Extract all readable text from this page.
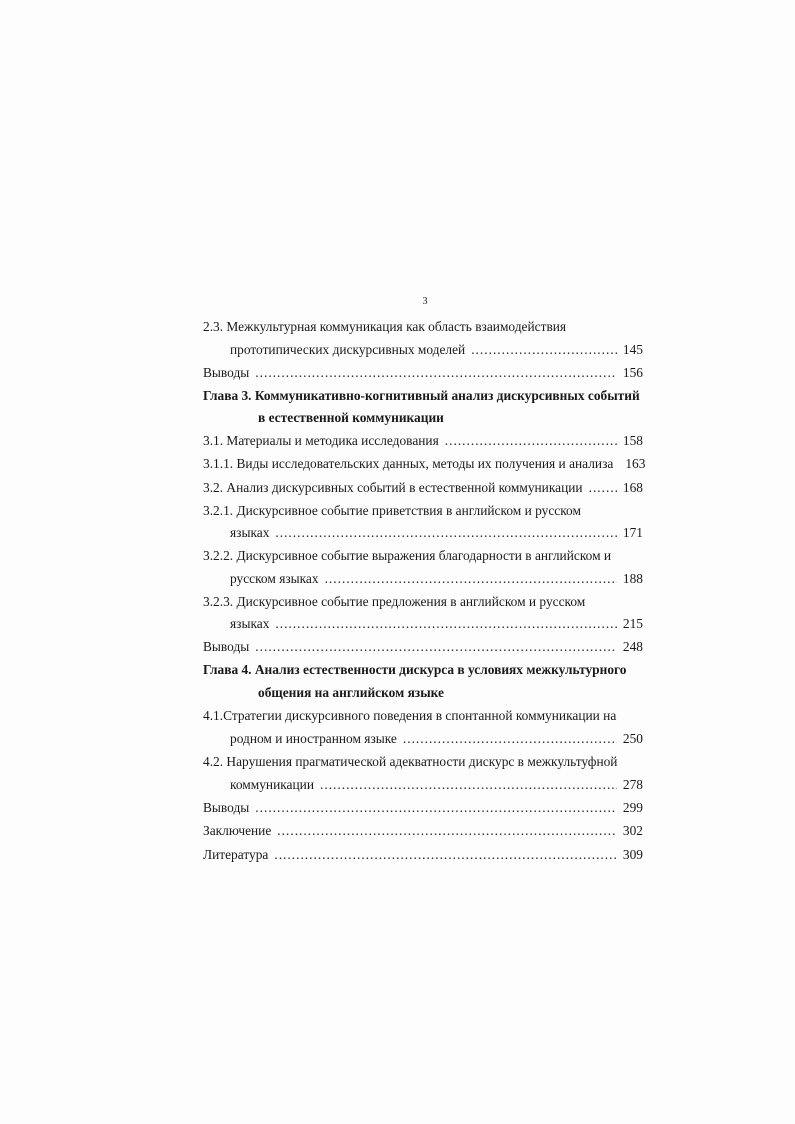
3
2.3. Межкультурная коммуникация как область взаимодействия
прототипических дискурсивных моделей .....	145
Выводы .....	156
Глава 3. Коммуникативно-когнитивный анализ дискурсивных событий
в естественной коммуникации
3.1. Материалы и методика исследования .....	158
3.1.1. Виды исследовательских данных, методы их получения и анализа 163
3.2. Анализ дискурсивных событий в естественной коммуникации .....	168
3.2.1. Дискурсивное событие приветствия в английском и русском
языках .....	171
3.2.2. Дискурсивное событие выражения благодарности в английском и
русском языках .....	188
3.2.3. Дискурсивное событие предложения в английском и русском
языках .....	215
Выводы .....	248
Глава 4. Анализ естественности дискурса в условиях межкультурного
общения на английском языке
4.1.Стратегии дискурсивного поведения в спонтанной коммуникации на
родном и иностранном языке .....	250
4.2. Нарушения прагматической адекватности дискурс в межкультуфной
коммуникации .....	278
Выводы .....	299
Заключение .....	302
Литература .....	309
